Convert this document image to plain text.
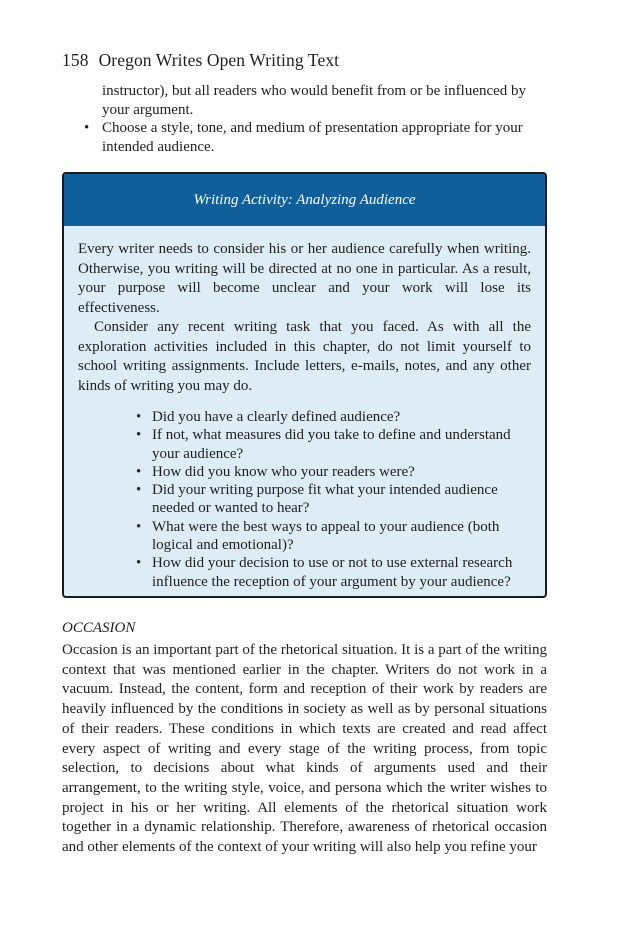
158 Oregon Writes Open Writing Text

instructor), but all readers who would benefit from or be influenced by your argument.

• Choose a style, tone, and medium of presentation appropriate for your intended audience.
Writing Activity: Analyzing Audience

Every writer needs to consider his or her audience carefully when writing. Otherwise, you writing will be directed at no one in particular. As a result, your purpose will become unclear and your work will lose its effectiveness.

Consider any recent writing task that you faced. As with all the exploration activities included in this chapter, do not limit yourself to school writing assignments. Include letters, e-mails, notes, and any other kinds of writing you may do.

• Did you have a clearly defined audience?
• If not, what measures did you take to define and understand your audience?
• How did you know who your readers were?
• Did your writing purpose fit what your intended audience needed or wanted to hear?
• What were the best ways to appeal to your audience (both logical and emotional)?
• How did your decision to use or not to use external research influence the reception of your argument by your audience?
OCCASION

Occasion is an important part of the rhetorical situation. It is a part of the writing context that was mentioned earlier in the chapter. Writers do not work in a vacuum. Instead, the content, form and reception of their work by readers are heavily influenced by the conditions in society as well as by personal situations of their readers. These conditions in which texts are created and read affect every aspect of writing and every stage of the writing process, from topic selection, to decisions about what kinds of arguments used and their arrangement, to the writing style, voice, and persona which the writer wishes to project in his or her writing. All elements of the rhetorical situation work together in a dynamic relationship. Therefore, awareness of rhetorical occasion and other elements of the context of your writing will also help you refine your
